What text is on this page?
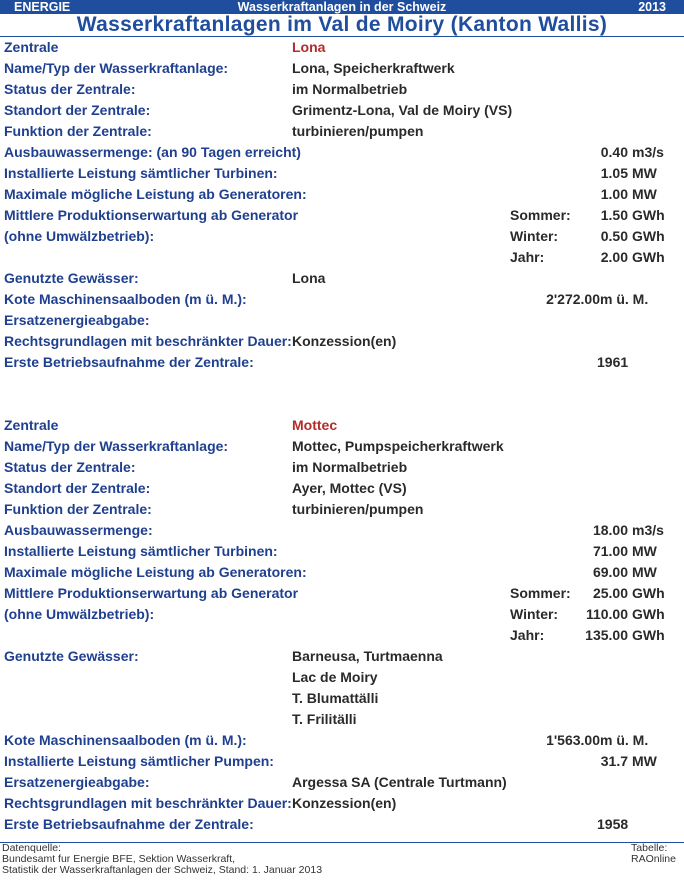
Wasserkraftanlagen in der Schweiz
ENERGIE	2013
Wasserkraftanlagen im Val de Moiry (Kanton Wallis)
Zentrale	Lona
Name/Typ der Wasserkraftanlage:	Lona, Speicherkraftwerk
Status der Zentrale:	im Normalbetrieb
Standort der Zentrale:	Grimentz-Lona, Val de Moiry (VS)
Funktion der Zentrale:	turbinieren/pumpen
Ausbauwassermenge: (an 90 Tagen erreicht)	0.40 m3/s
Installierte Leistung sämtlicher Turbinen:	1.05 MW
Maximale mögliche Leistung ab Generatoren:	1.00 MW
Mittlere Produktionserwartung ab Generator	Sommer: 1.50 GWh
(ohne Umwälzbetrieb):	Winter:	0.50 GWh
Jahr:	2.00 GWh
Genutzte Gewässer:	Lona
Kote Maschinensaalboden (m ü. M.):	2'272.00 m ü. M.
Ersatzenergieabgabe:
Rechtsgrundlagen mit beschränkter Dauer: Konzession(en)
Erste Betriebsaufnahme der Zentrale:	1961
Zentrale	Mottec
Name/Typ der Wasserkraftanlage:	Mottec, Pumpspeicherkraftwerk
Status der Zentrale:	im Normalbetrieb
Standort der Zentrale:	Ayer, Mottec (VS)
Funktion der Zentrale:	turbinieren/pumpen
Ausbauwassermenge:	18.00 m3/s
Installierte Leistung sämtlicher Turbinen:	71.00 MW
Maximale mögliche Leistung ab Generatoren:	69.00 MW
Mittlere Produktionserwartung ab Generator	Sommer: 25.00 GWh
(ohne Umwälzbetrieb):	Winter: 110.00 GWh
Jahr:	135.00 GWh
Genutzte Gewässer:	Barneusa, Turtmaenna
Lac de Moiry
T. Blumattälli
T. Frilitälli
Kote Maschinensaalboden (m ü. M.):	1'563.00 m ü. M.
Installierte Leistung sämtlicher Pumpen:	31.7 MW
Ersatzenergieabgabe:	Argessa SA (Centrale Turtmann)
Rechtsgrundlagen mit beschränkter Dauer: Konzession(en)
Erste Betriebsaufnahme der Zentrale:	1958
Datenquelle:
Bundesamt fur Energie BFE, Sektion Wasserkraft,
Statistik der Wasserkraftanlagen der Schweiz, Stand: 1. Januar 2013
Tabelle:
RAOnline
